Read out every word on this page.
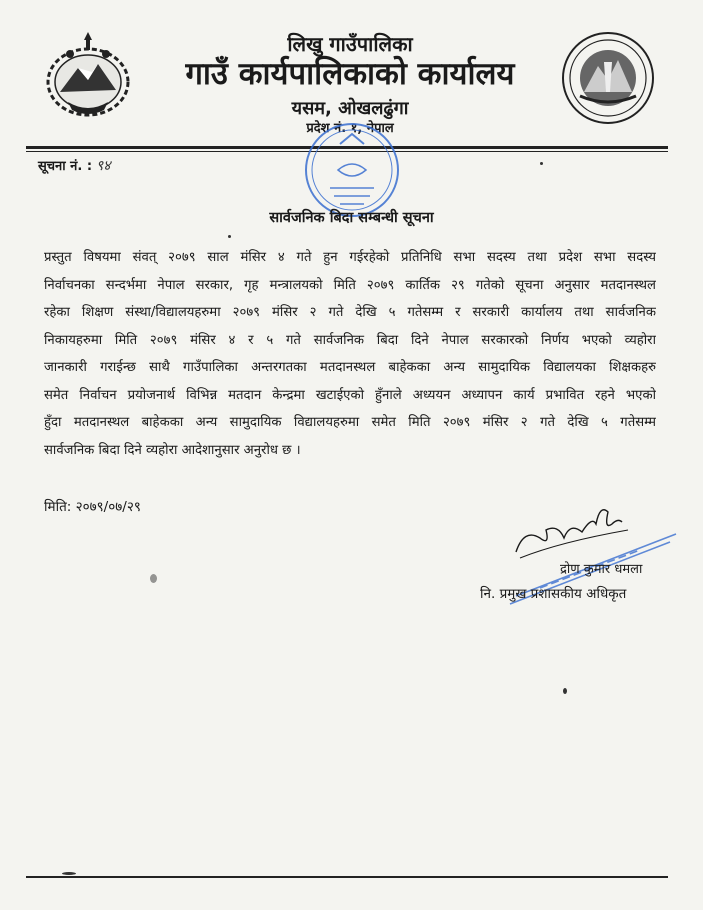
लिखु गाउँपालिका
गाउँ कार्यपालिकाको कार्यालय
यसम, ओखलढुंगा
प्रदेश नं. १, नेपाल
सूचना नं. : ९४
सार्वजनिक बिदा सम्बन्धी सूचना
प्रस्तुत विषयमा संवत् २०७९ साल मंसिर ४ गते हुन गईरहेको प्रतिनिधि सभा सदस्य तथा प्रदेश सभा सदस्य
निर्वाचनका सन्दर्भमा नेपाल सरकार, गृह मन्त्रालयको मिति २०७९ कार्तिक २९ गतेको सूचना अनुसार मतदानस्थल
रहेका शिक्षण संस्था/विद्यालयहरुमा २०७९ मंसिर २ गते देखि ५ गतेसम्म र सरकारी कार्यालय तथा सार्वजनिक
निकायहरुमा मिति २०७९ मंसिर ४ र ५ गते सार्वजनिक बिदा दिने नेपाल सरकारको निर्णय भएको व्यहोरा
जानकारी गराईन्छ साथै गाउँपालिका अन्तरगतका मतदानस्थल बाहेकका अन्य सामुदायिक विद्यालयका शिक्षकहरु
समेत निर्वाचन प्रयोजनार्थ विभिन्न मतदान केन्द्रमा खटाईएको हुँनाले अध्ययन अध्यापन कार्य प्रभावित रहने भएको
हुँदा मतदानस्थल बाहेकका अन्य सामुदायिक विद्यालयहरुमा समेत मिति २०७९ मंसिर २ गते देखि ५ गतेसम्म
सार्वजनिक बिदा दिने व्यहोरा आदेशानुसार अनुरोध छ ।
मिति: २०७९/०७/२९
द्रोण कुमार धमला
नि. प्रमुख प्रशासकीय अधिकृत
